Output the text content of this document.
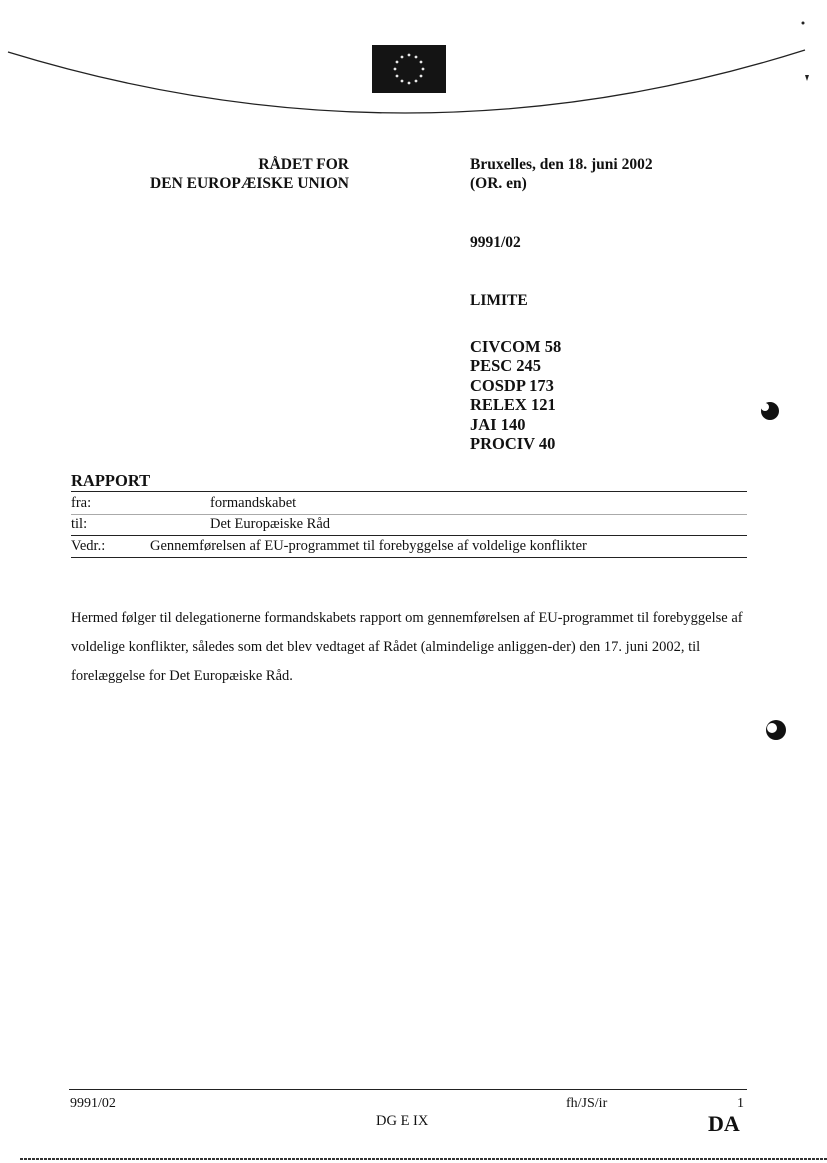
RÅDET FOR
DEN EUROPÆISKE UNION
Bruxelles, den 18. juni 2002
(OR. en)
9991/02
LIMITE
CIVCOM 58
PESC 245
COSDP 173
RELEX 121
JAI 140
PROCIV 40
RAPPORT
fra:	formandskabet
til:	Det Europæiske Råd
Vedr.:	Gennemførelsen af EU-programmet til forebyggelse af voldelige konflikter
Hermed følger til delegationerne formandskabets rapport om gennemførelsen af EU-programmet til forebyggelse af voldelige konflikter, således som det blev vedtaget af Rådet (almindelige anliggen-der) den 17. juni 2002, til forelæggelse for Det Europæiske Råd.
9991/02	fh/JS/ir	1
DG E IX	DA
